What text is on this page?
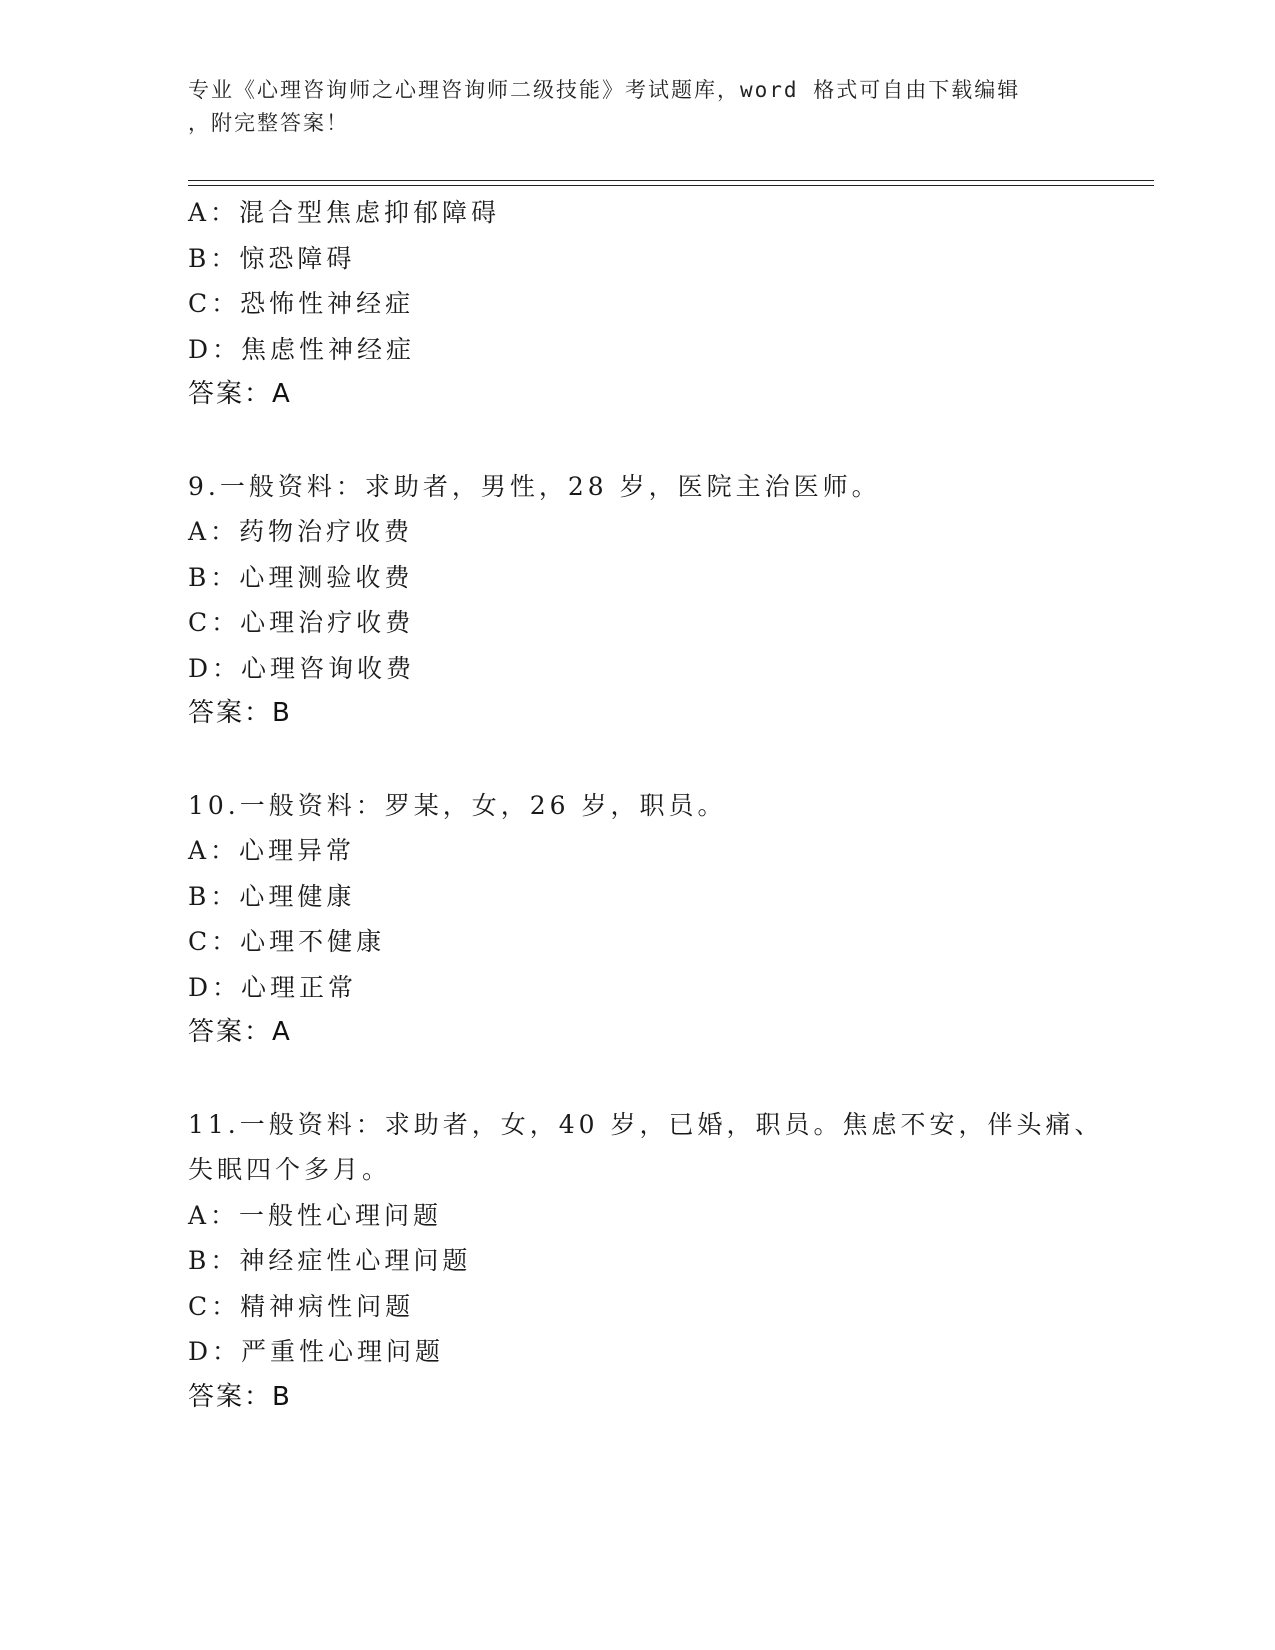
专业《心理咨询师之心理咨询师二级技能》考试题库，word 格式可自由下载编辑
，附完整答案！
A：混合型焦虑抑郁障碍
B：惊恐障碍
C：恐怖性神经症
D：焦虑性神经症
答案：A
9.一般资料：求助者，男性，28 岁，医院主治医师。
A：药物治疗收费
B：心理测验收费
C：心理治疗收费
D：心理咨询收费
答案：B
10.一般资料：罗某，女，26 岁，职员。
A：心理异常
B：心理健康
C：心理不健康
D：心理正常
答案：A
11.一般资料：求助者，女，40 岁，已婚，职员。焦虑不安，伴头痛、
失眠四个多月。
A：一般性心理问题
B：神经症性心理问题
C：精神病性问题
D：严重性心理问题
答案：B
